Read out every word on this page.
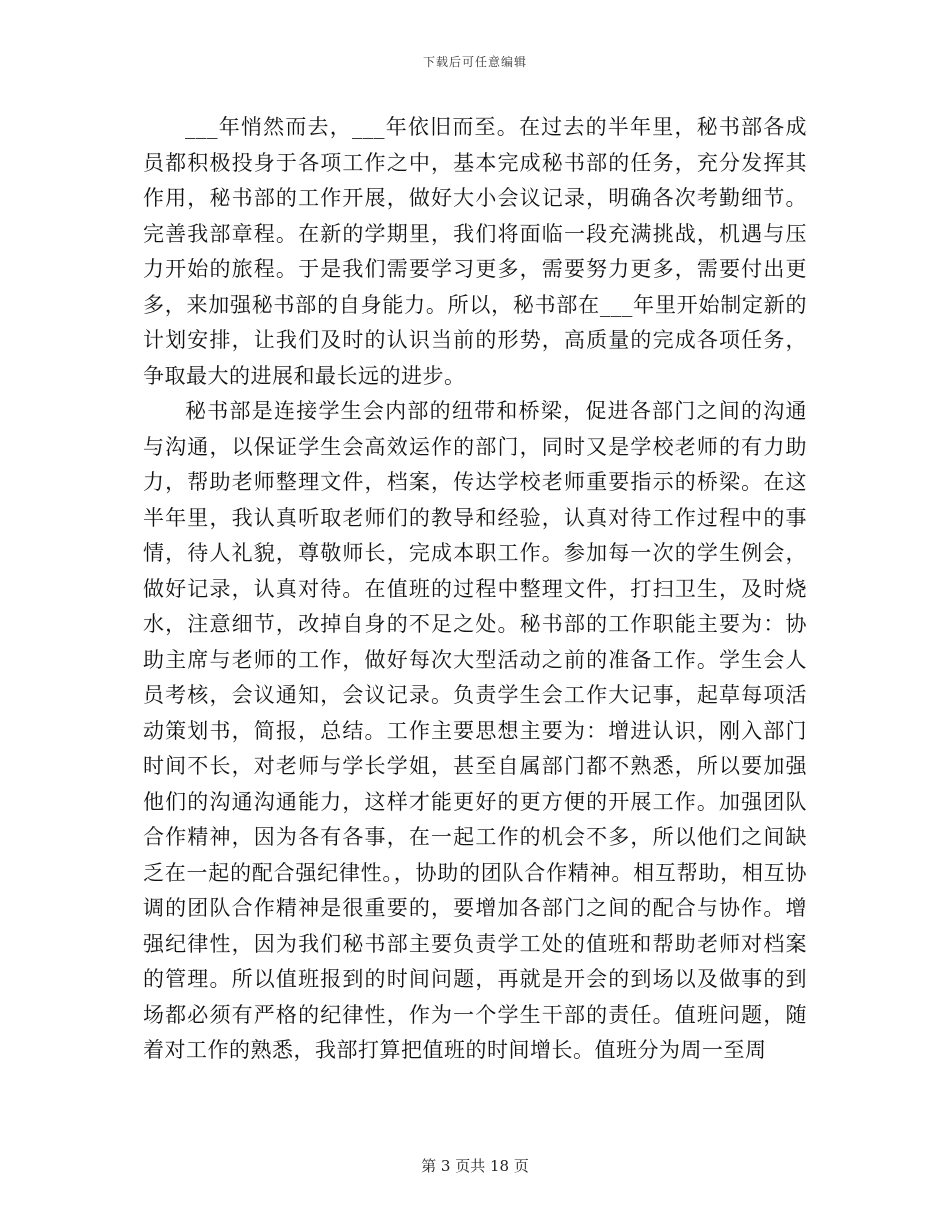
下载后可任意编辑

___年悄然而去，___年依旧而至。在过去的半年里，秘书部各成员都积极投身于各项工作之中，基本完成秘书部的任务，充分发挥其作用，秘书部的工作开展，做好大小会议记录，明确各次考勤细节。完善我部章程。在新的学期里，我们将面临一段充满挑战，机遇与压力开始的旅程。于是我们需要学习更多，需要努力更多，需要付出更多，来加强秘书部的自身能力。所以，秘书部在___年里开始制定新的计划安排，让我们及时的认识当前的形势，高质量的完成各项任务，争取最大的进展和最长远的进步。

秘书部是连接学生会内部的纽带和桥梁，促进各部门之间的沟通与沟通，以保证学生会高效运作的部门，同时又是学校老师的有力助力，帮助老师整理文件，档案，传达学校老师重要指示的桥梁。在这半年里，我认真听取老师们的教导和经验，认真对待工作过程中的事情，待人礼貌，尊敬师长，完成本职工作。参加每一次的学生例会，做好记录，认真对待。在值班的过程中整理文件，打扫卫生，及时烧水，注意细节，改掉自身的不足之处。秘书部的工作职能主要为：协助主席与老师的工作，做好每次大型活动之前的准备工作。学生会人员考核，会议通知，会议记录。负责学生会工作大记事，起草每项活动策划书，简报，总结。工作主要思想主要为：增进认识，刚入部门时间不长，对老师与学长学姐，甚至自属部门都不熟悉，所以要加强他们的沟通沟通能力，这样才能更好的更方便的开展工作。加强团队合作精神，因为各有各事，在一起工作的机会不多，所以他们之间缺乏在一起的配合强纪律性。，协助的团队合作精神。相互帮助，相互协调的团队合作精神是很重要的，要增加各部门之间的配合与协作。增强纪律性，因为我们秘书部主要负责学工处的值班和帮助老师对档案的管理。所以值班报到的时间问题，再就是开会的到场以及做事的到场都必须有严格的纪律性，作为一个学生干部的责任。值班问题，随着对工作的熟悉，我部打算把值班的时间增长。值班分为周一至周

第 3 页共 18 页
